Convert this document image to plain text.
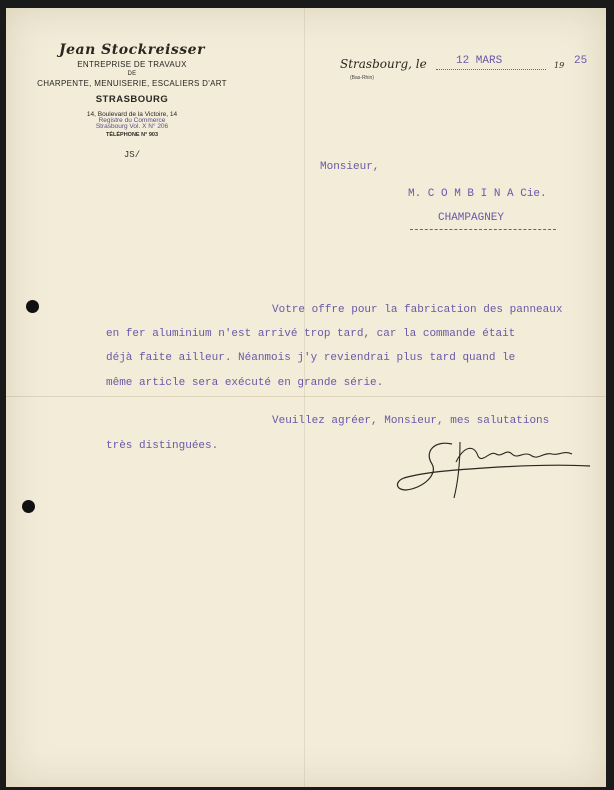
Jean Stockreisser
ENTREPRISE DE TRAVAUX
DE
CHARPENTE, MENUISERIE, ESCALIERS D'ART
STRASBOURG
14, Boulevard de la Victoire, 14
Registre du Commerce
Strasbourg Vol. X N° 206
TÉLÉPHONE N° 903
JS/
Strasbourg, le
(Bas-Rhin)
12 MARS	19 25
Monsieur,
M. C O M B I N A Cie.
CHAMPAGNEY
Votre offre pour la fabrication des panneaux
en fer aluminium n'est arrivé trop tard, car la commande était
déjà faite ailleur. Néanmois j'y reviendrai plus tard quand le
même article sera exécuté en grande série.
Veuillez agréer, Monsieur, mes salutations
très distinguées.
